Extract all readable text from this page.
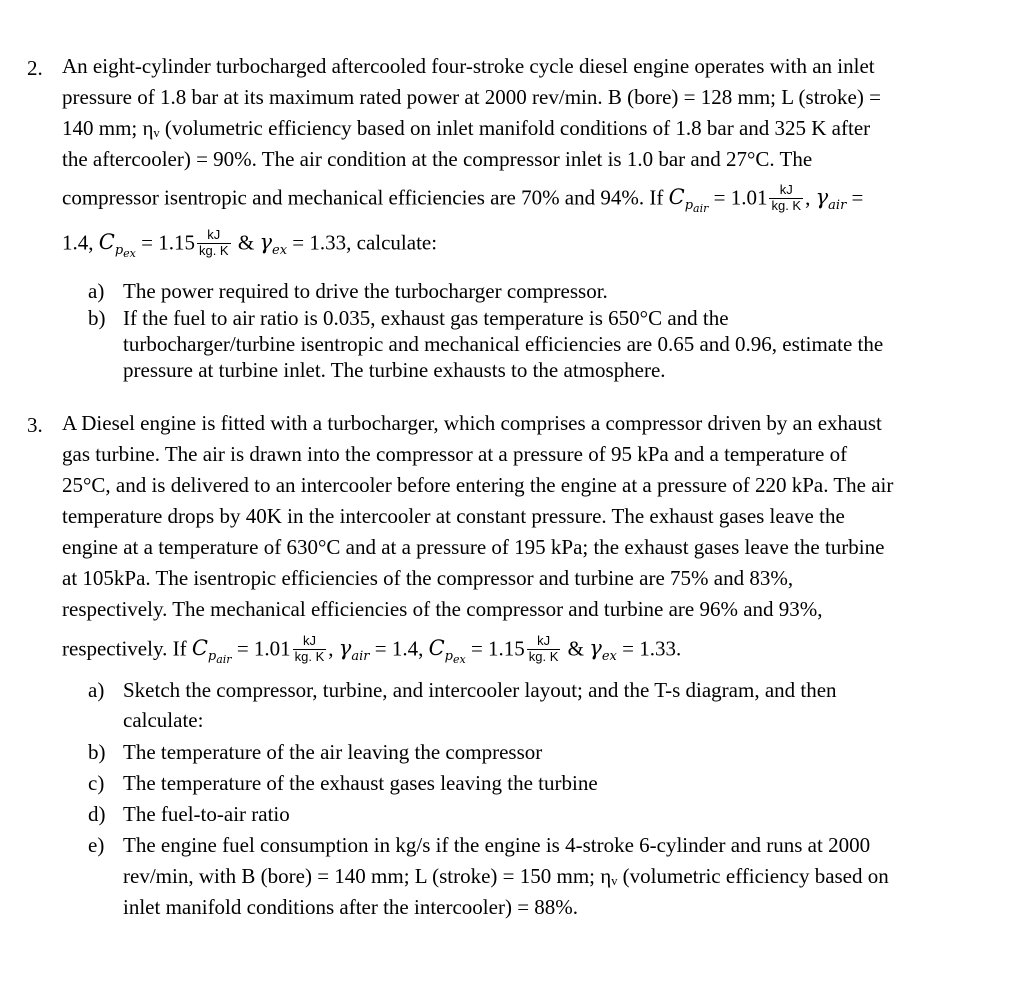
2. An eight-cylinder turbocharged aftercooled four-stroke cycle diesel engine operates with an inlet
pressure of 1.8 bar at its maximum rated power at 2000 rev/min. B (bore) = 128 mm; L (stroke) =
140 mm; ηᵥ (volumetric efficiency based on inlet manifold conditions of 1.8 bar and 325 K after
the aftercooler) = 90%. The air condition at the compressor inlet is 1.0 bar and 27°C. The
compressor isentropic and mechanical efficiencies are 70% and 94%. If $C_{p_{air}} = 1.01 \frac{kJ}{kg. K}$ , $\gamma_{air}$ =
1.4, $C_{p_{ex}} = 1.15 \frac{kJ}{kg. K}$ & $\gamma_{ex} = 1.33$, calculate:
a) The power required to drive the turbocharger compressor.
b) If the fuel to air ratio is 0.035, exhaust gas temperature is 650°C and the
turbocharger/turbine isentropic and mechanical efficiencies are 0.65 and 0.96, estimate the
pressure at turbine inlet. The turbine exhausts to the atmosphere.
3. A Diesel engine is fitted with a turbocharger, which comprises a compressor driven by an exhaust
gas turbine. The air is drawn into the compressor at a pressure of 95 kPa and a temperature of
25°C, and is delivered to an intercooler before entering the engine at a pressure of 220 kPa. The air
temperature drops by 40K in the intercooler at constant pressure. The exhaust gases leave the
engine at a temperature of 630°C and at a pressure of 195 kPa; the exhaust gases leave the turbine
at 105kPa. The isentropic efficiencies of the compressor and turbine are 75% and 83%,
respectively. The mechanical efficiencies of the compressor and turbine are 96% and 93%,
respectively. If $C_{p_{air}} = 1.01 \frac{kJ}{kg. K}$ , $\gamma_{air} = 1.4$, $C_{p_{ex}} = 1.15 \frac{kJ}{kg. K}$ & $\gamma_{ex} = 1.33$.
a) Sketch the compressor, turbine, and intercooler layout; and the T-s diagram, and then
calculate:
b) The temperature of the air leaving the compressor
c) The temperature of the exhaust gases leaving the turbine
d) The fuel-to-air ratio
e) The engine fuel consumption in kg/s if the engine is 4-stroke 6-cylinder and runs at 2000
rev/min, with B (bore) = 140 mm; L (stroke) = 150 mm; ηᵥ (volumetric efficiency based on
inlet manifold conditions after the intercooler) = 88%.
